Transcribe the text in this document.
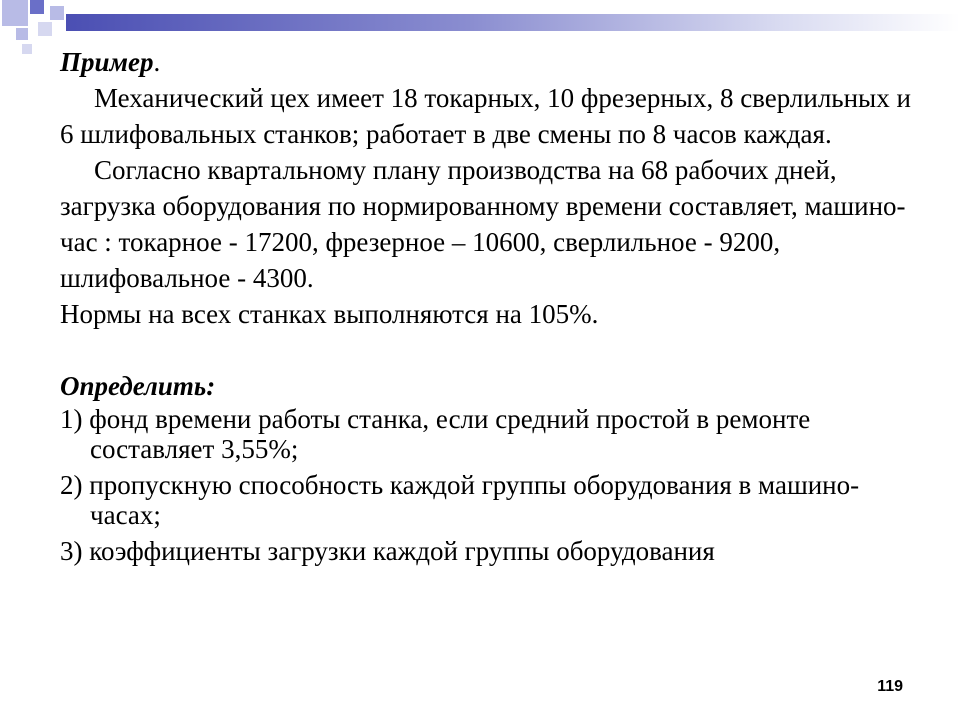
Пример.

Механический цех имеет 18 токарных, 10 фрезерных, 8 сверлильных и 6 шлифовальных станков; работает в две смены по 8 часов каждая.

Согласно квартальному плану производства на 68 рабочих дней, загрузка оборудования по нормированному времени составляет, машино-час : токарное - 17200, фрезерное – 10600, сверлильное - 9200, шлифовальное - 4300.

Нормы на всех станках выполняются на 105%.

Определить:

1) фонд времени работы станка, если средний простой в ремонте составляет 3,55%;

2) пропускную способность каждой группы оборудования в машино-часах;

3) коэффициенты загрузки каждой группы оборудования

119
